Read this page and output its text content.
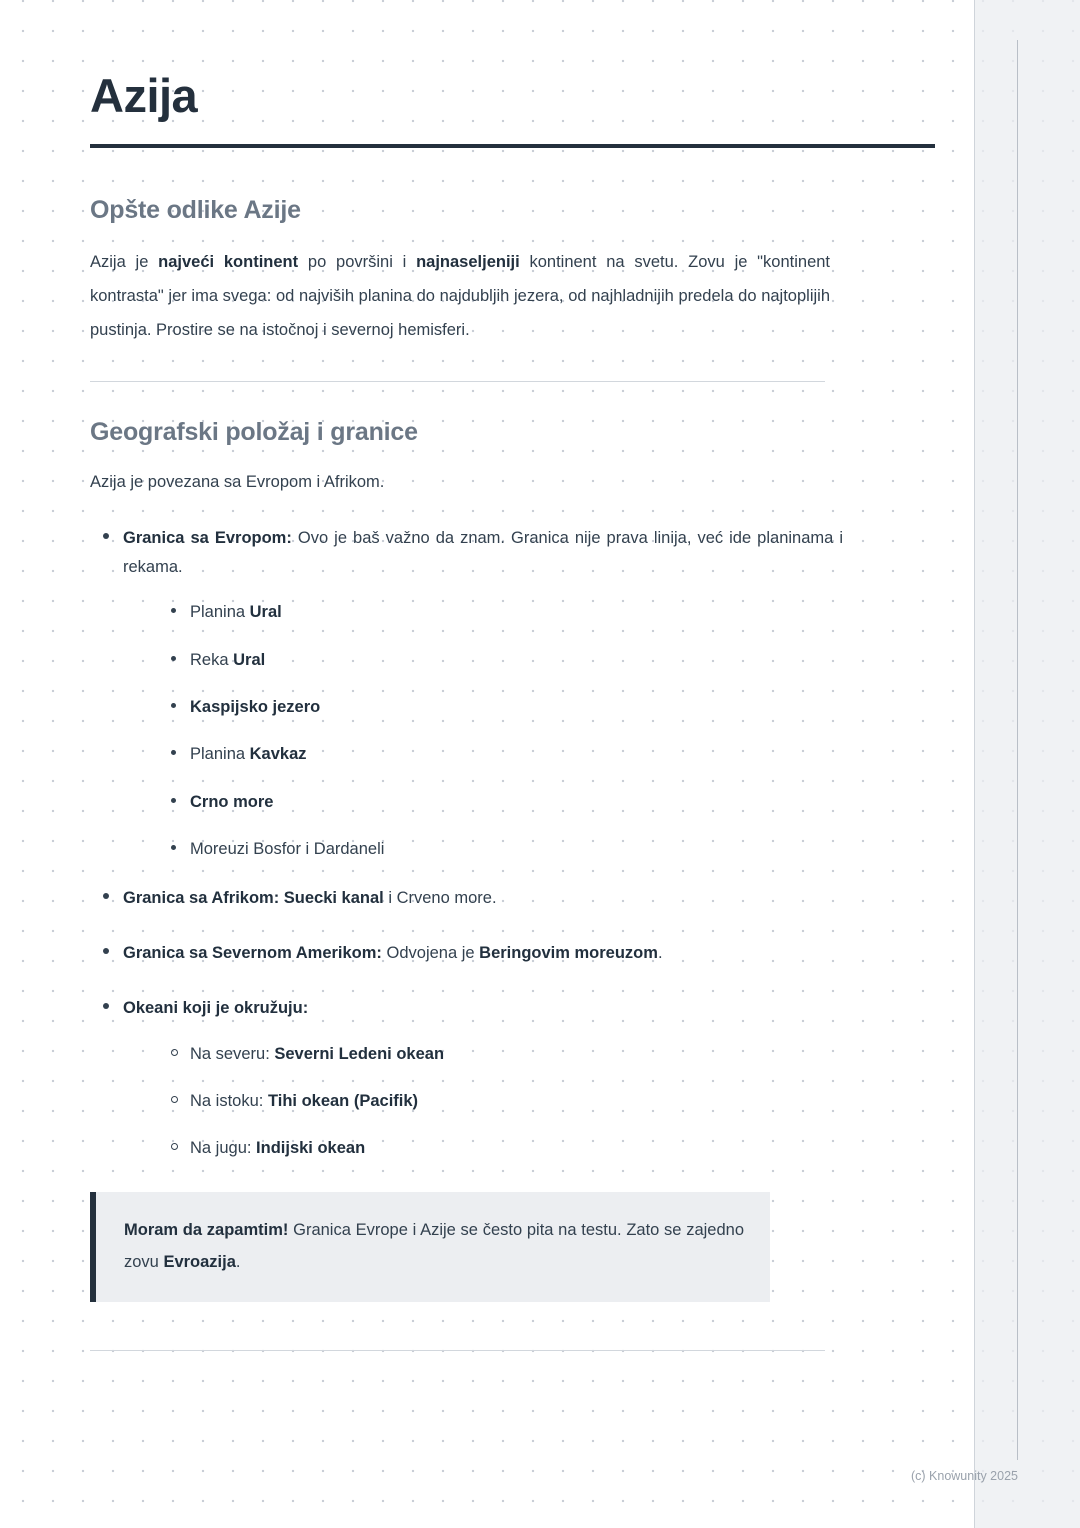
Azija
Opšte odlike Azije

Azija je najveći kontinent po površini i najnaseljeniji kontinent na svetu. Zovu je "kontinent kontrasta" jer ima svega: od najviših planina do najdubljih jezera, od najhladnijih predela do najtoplijih pustinja. Prostire se na istočnoj i severnoj hemisferi.

Geografski položaj i granice

Azija je povezana sa Evropom i Afrikom.

Granica sa Evropom: Ovo je baš važno da znam. Granica nije prava linija, već ide planinama i rekama.
Planina Ural
Reka Ural
Kaspijsko jezero
Planina Kavkaz
Crno more
Moreuzi Bosfor i Dardaneli
Granica sa Afrikom: Suecki kanal i Crveno more.
Granica sa Severnom Amerikom: Odvojena je Beringovim moreuzom.
Okeani koji je okružuju:
Na severu: Severni Ledeni okean
Na istoku: Tihi okean (Pacifik)
Na jugu: Indijski okean

Moram da zapamtim! Granica Evrope i Azije se često pita na testu. Zato se zajedno zovu Evroazija.

(c) Knowunity 2025
